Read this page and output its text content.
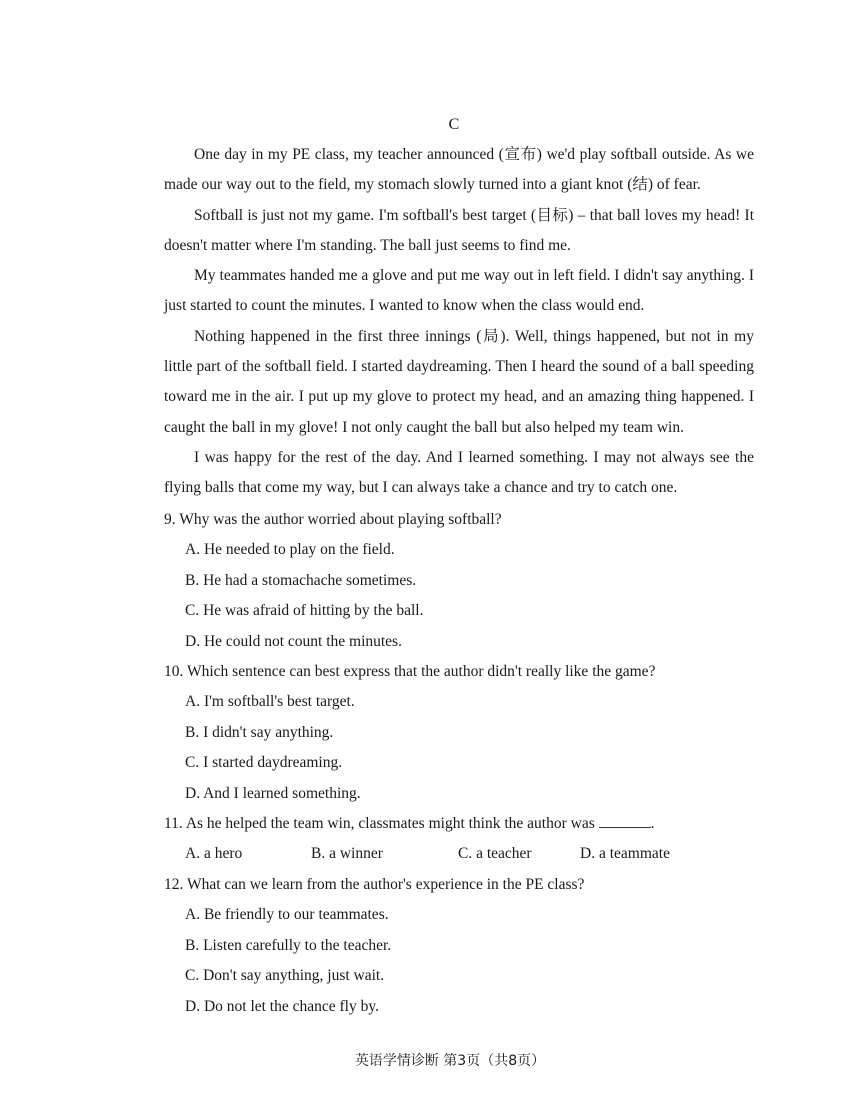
C

One day in my PE class, my teacher announced (宣布) we'd play softball outside. As we made our way out to the field, my stomach slowly turned into a giant knot (结) of fear.

Softball is just not my game. I'm softball's best target (目标) – that ball loves my head! It doesn't matter where I'm standing. The ball just seems to find me.

My teammates handed me a glove and put me way out in left field. I didn't say anything. I just started to count the minutes. I wanted to know when the class would end.

Nothing happened in the first three innings (局). Well, things happened, but not in my little part of the softball field. I started daydreaming. Then I heard the sound of a ball speeding toward me in the air. I put up my glove to protect my head, and an amazing thing happened. I caught the ball in my glove! I not only caught the ball but also helped my team win.

I was happy for the rest of the day. And I learned something. I may not always see the flying balls that come my way, but I can always take a chance and try to catch one.

9. Why was the author worried about playing softball?

A. He needed to play on the field.

B. He had a stomachache sometimes.

C. He was afraid of hitting by the ball.

D. He could not count the minutes.

10. Which sentence can best express that the author didn't really like the game?

A. I'm softball's best target.

B. I didn't say anything.

C. I started daydreaming.

D. And I learned something.

11. As he helped the team win, classmates might think the author was	.

A. a hero	B. a winner	C. a teacher	D. a teammate

12. What can we learn from the author's experience in the PE class?

A. Be friendly to our teammates.

B. Listen carefully to the teacher.

C. Don't say anything, just wait.

D. Do not let the chance fly by.

英语学情诊断 第3页（共8页）
